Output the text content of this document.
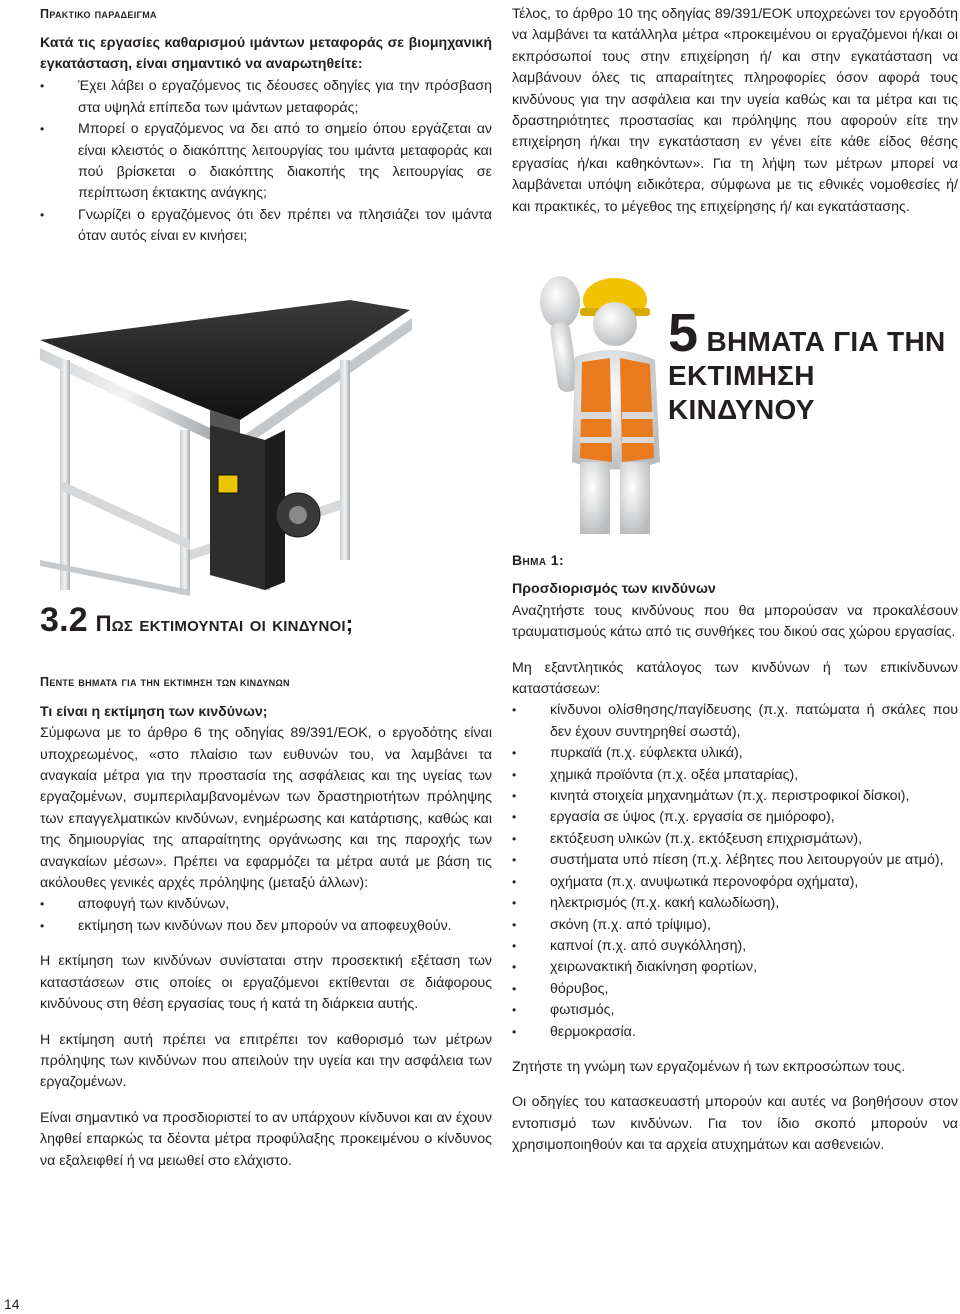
Πρακτικο παραδειγμα

Κατά τις εργασίες καθαρισμού ιμάντων μεταφοράς σε βιομηχανική εγκατάσταση, είναι σημαντικό να αναρωτηθείτε:

• Έχει λάβει ο εργαζόμενος τις δέουσες οδηγίες για την πρόσβαση στα υψηλά επίπεδα των ιμάντων μεταφοράς;
• Μπορεί ο εργαζόμενος να δει από το σημείο όπου εργάζεται αν είναι κλειστός ο διακόπτης λειτουργίας του ιμάντα μεταφοράς και πού βρίσκεται ο διακόπτης διακοπής της λειτουργίας σε περίπτωση έκτακτης ανάγκης;
• Γνωρίζει ο εργαζόμενος ότι δεν πρέπει να πλησιάζει τον ιμάντα όταν αυτός είναι εν κινήσει;

Τέλος, το άρθρο 10 της οδηγίας 89/391/ΕΟΚ υποχρεώνει τον εργοδότη να λαμβάνει τα κατάλληλα μέτρα «προκειμένου οι εργαζόμενοι ή/και οι εκπρόσωποί τους στην επιχείρηση ή/ και στην εγκατάσταση να λαμβάνουν όλες τις απαραίτητες πληροφορίες όσον αφορά τους κινδύνους για την ασφάλεια και την υγεία καθώς και τα μέτρα και τις δραστηριότητες προστασίας και πρόληψης που αφορούν είτε την επιχείρηση ή/και την εγκατάσταση εν γένει είτε κάθε είδος θέσης εργασίας ή/και καθηκόντων». Για τη λήψη των μέτρων μπορεί να λαμβάνεται υπόψη ειδικότερα, σύμφωνα με τις εθνικές νομοθεσίες ή/και πρακτικές, το μέγεθος της επιχείρησης ή/ και εγκατάστασης.

5 ΒΗΜΑΤΑ ΓΙΑ ΤΗΝ
ΕΚΤΙΜΗΣΗ ΚΙΝΔΥΝΟΥ
3.2 Πως εκτιμουνται οι κινδυνοι;
Πεντε βηματα για την εκτιμηση των κινδυνων

Τι είναι η εκτίμηση των κινδύνων;

Σύμφωνα με το άρθρο 6 της οδηγίας 89/391/ΕΟΚ, ο εργοδότης είναι υποχρεωμένος, «στο πλαίσιο των ευθυνών του, να λαμβάνει τα αναγκαία μέτρα για την προστασία της ασφάλειας και της υγείας των εργαζομένων, συμπεριλαμβανομένων των δραστηριοτήτων πρόληψης των επαγγελματικών κινδύνων, ενημέρωσης και κατάρτισης, καθώς και της δημιουργίας της απαραίτητης οργάνωσης και της παροχής των αναγκαίων μέσων». Πρέπει να εφαρμόζει τα μέτρα αυτά με βάση τις ακόλουθες γενικές αρχές πρόληψης (μεταξύ άλλων):

• αποφυγή των κινδύνων,
• εκτίμηση των κινδύνων που δεν μπορούν να αποφευχθούν.

Η εκτίμηση των κινδύνων συνίσταται στην προσεκτική εξέταση των καταστάσεων στις οποίες οι εργαζόμενοι εκτίθενται σε διάφορους κινδύνους στη θέση εργασίας τους ή κατά τη διάρκεια αυτής.

Η εκτίμηση αυτή πρέπει να επιτρέπει τον καθορισμό των μέτρων πρόληψης των κινδύνων που απειλούν την υγεία και την ασφάλεια των εργαζομένων.

Είναι σημαντικό να προσδιοριστεί το αν υπάρχουν κίνδυνοι και αν έχουν ληφθεί επαρκώς τα δέοντα μέτρα προφύλαξης προκειμένου ο κίνδυνος να εξαλειφθεί ή να μειωθεί στο ελάχιστο.

Βημα 1:

Προσδιορισμός των κινδύνων

Αναζητήστε τους κινδύνους που θα μπορούσαν να προκαλέσουν τραυματισμούς κάτω από τις συνθήκες του δικού σας χώρου εργασίας.

Μη εξαντλητικός κατάλογος των κινδύνων ή των επικίνδυνων καταστάσεων:

• κίνδυνοι ολίσθησης/παγίδευσης (π.χ. πατώματα ή σκάλες που δεν έχουν συντηρηθεί σωστά),
• πυρκαϊά (π.χ. εύφλεκτα υλικά),
• χημικά προϊόντα (π.χ. οξέα μπαταρίας),
• κινητά στοιχεία μηχανημάτων (π.χ. περιστροφικοί δίσκοι),
• εργασία σε ύψος (π.χ. εργασία σε ημιόροφο),
• εκτόξευση υλικών (π.χ. εκτόξευση επιχρισμάτων),
• συστήματα υπό πίεση (π.χ. λέβητες που λειτουργούν με ατμό),
• οχήματα (π.χ. ανυψωτικά περονοφόρα οχήματα),
• ηλεκτρισμός (π.χ. κακή καλωδίωση),
• σκόνη (π.χ. από τρίψιμο),
• καπνοί (π.χ. από συγκόλληση),
• χειρωνακτική διακίνηση φορτίων,
• θόρυβος,
• φωτισμός,
• θερμοκρασία.

Ζητήστε τη γνώμη των εργαζομένων ή των εκπροσώπων τους.

Οι οδηγίες του κατασκευαστή μπορούν και αυτές να βοηθήσουν στον εντοπισμό των κινδύνων. Για τον ίδιο σκοπό μπορούν να χρησιμοποιηθούν και τα αρχεία ατυχημάτων και ασθενειών.

14
